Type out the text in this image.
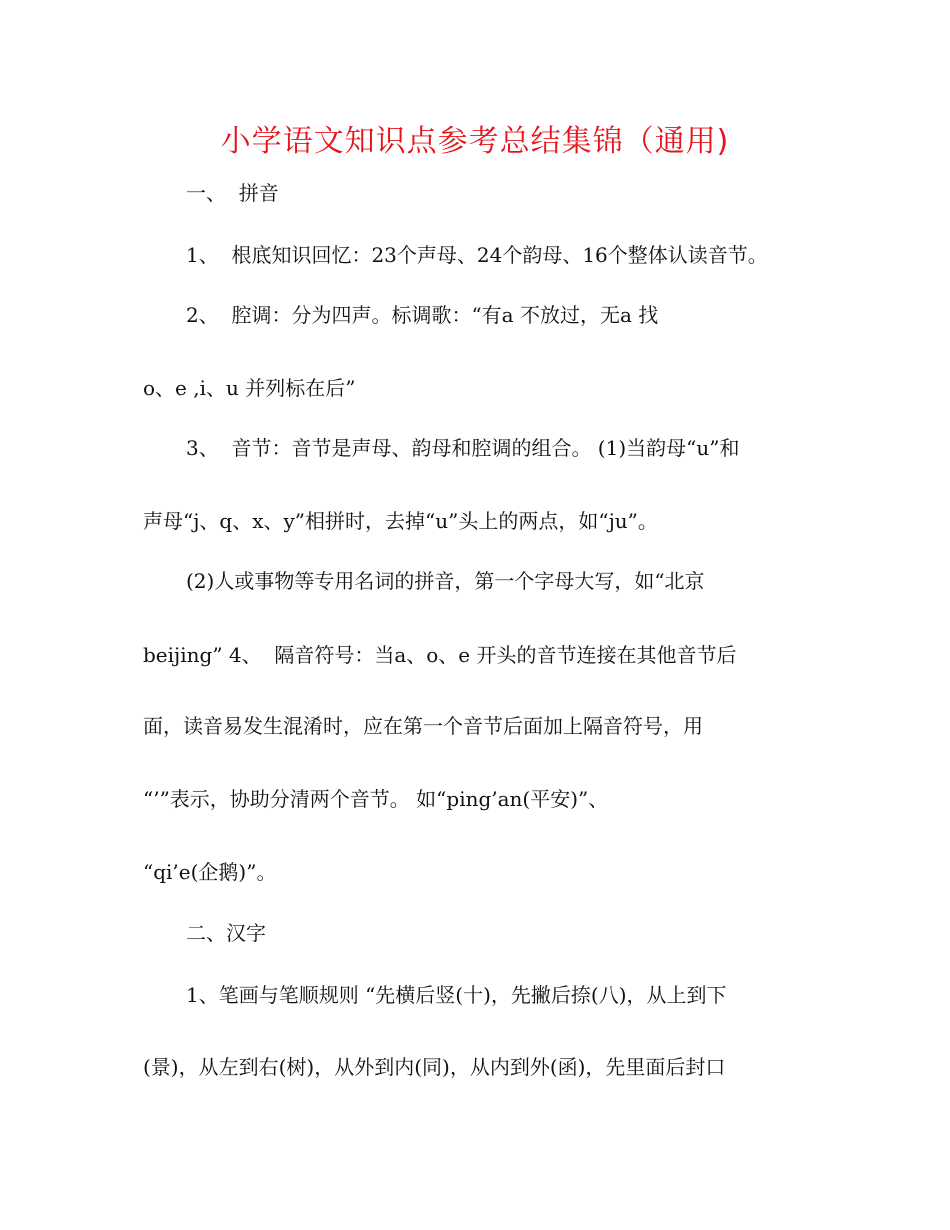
小学语文知识点参考总结集锦（通用)
一、  拼音
1、  根底知识回忆：23个声母、24个韵母、16个整体认读音节。
2、  腔调：分为四声。标调歌：“有a 不放过，无a 找
o、e ,i、u 并列标在后”
3、  音节：音节是声母、韵母和腔调的组合。 (1)当韵母“u”和
声母“j、q、x、y”相拼时，去掉“u”头上的两点，如“ju”。
(2)人或事物等专用名词的拼音，第一个字母大写，如“北京
beijing” 4、  隔音符号：当a、o、e 开头的音节连接在其他音节后
面，读音易发生混淆时，应在第一个音节后面加上隔音符号，用
“’”表示，协助分清两个音节。 如“ping’an(平安)”、
“qi’e(企鹅)”。
二、汉字
1、笔画与笔顺规则 “先横后竖(十)，先撇后捺(八)，从上到下
(景)，从左到右(树)，从外到内(同)，从内到外(函)，先里面后封口
